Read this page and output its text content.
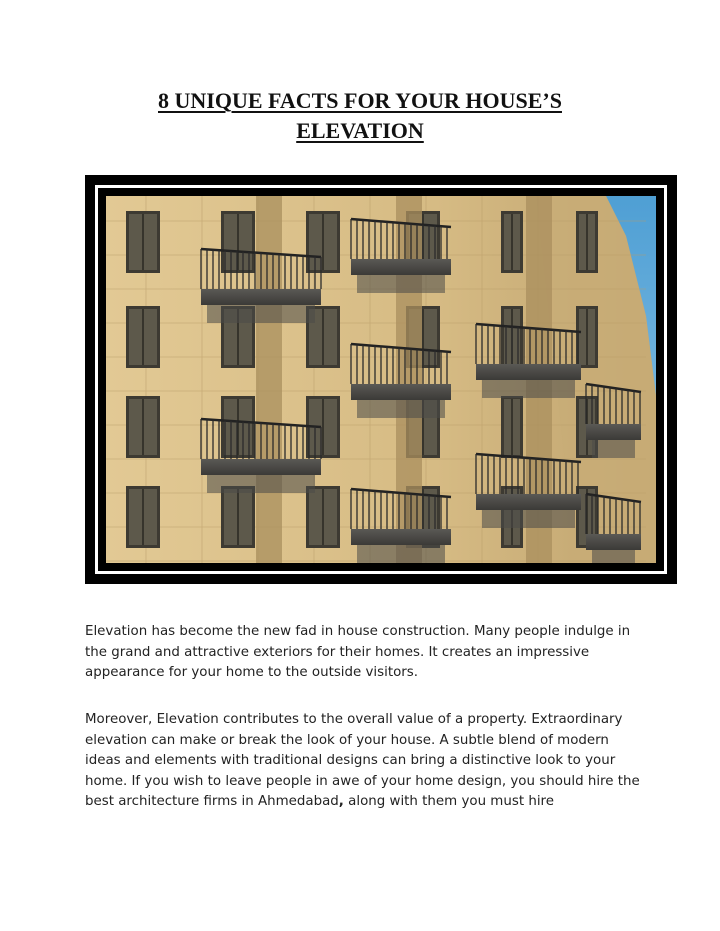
8 UNIQUE FACTS FOR YOUR HOUSE’S
ELEVATION

Elevation has become the new fad in house construction. Many people indulge in the grand and attractive exteriors for their homes. It creates an impressive appearance for your home to the outside visitors.

Moreover, Elevation contributes to the overall value of a property. Extraordinary elevation can make or break the look of your house. A subtle blend of modern ideas and elements with traditional designs can bring a distinctive look to your home. If you wish to leave people in awe of your home design, you should hire the best architecture firms in Ahmedabad, along with them you must hire
